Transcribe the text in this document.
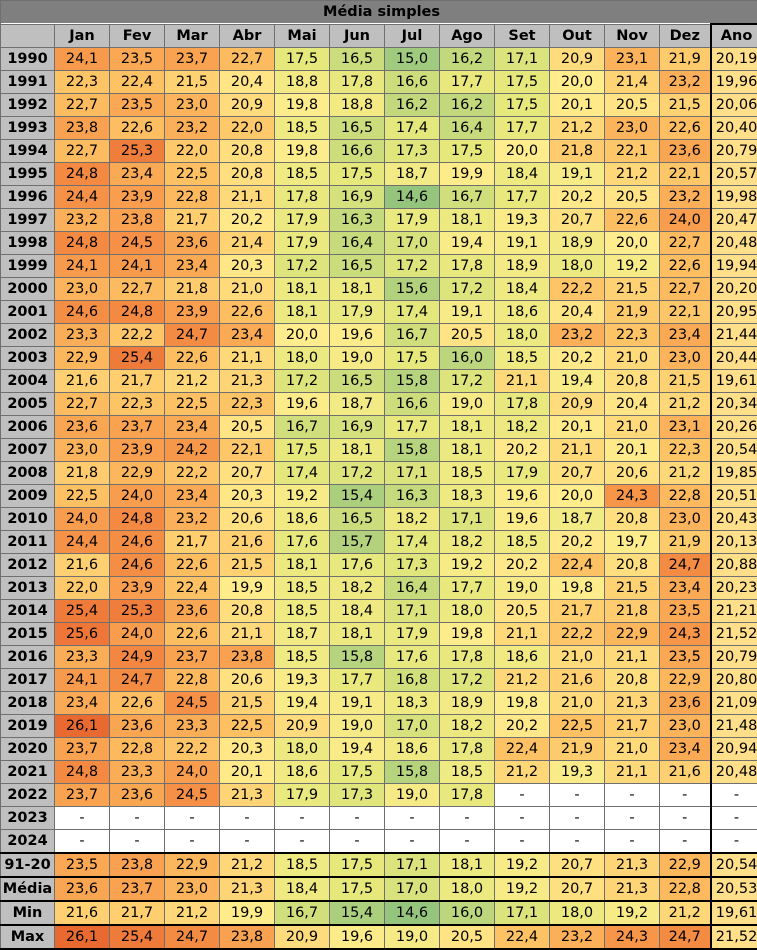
Média simples													
	Jan	Fev	Mar	Abr	Mai	Jun	Jul	Ago	Set	Out	Nov	Dez	Ano
1990	24,1	23,5	23,7	22,7	17,5	16,5	15,0	16,2	17,1	20,9	23,1	21,9	20,19
1991	22,3	22,4	21,5	20,4	18,8	17,8	16,6	17,7	17,5	20,0	21,4	23,2	19,96
1992	22,7	23,5	23,0	20,9	19,8	18,8	16,2	16,2	17,5	20,1	20,5	21,5	20,06
1993	23,8	22,6	23,2	22,0	18,5	16,5	17,4	16,4	17,7	21,2	23,0	22,6	20,40
1994	22,7	25,3	22,0	20,8	19,8	16,6	17,3	17,5	20,0	21,8	22,1	23,6	20,79
1995	24,8	23,4	22,5	20,8	18,5	17,5	18,7	19,9	18,4	19,1	21,2	22,1	20,57
1996	24,4	23,9	22,8	21,1	17,8	16,9	14,6	16,7	17,7	20,2	20,5	23,2	19,98
1997	23,2	23,8	21,7	20,2	17,9	16,3	17,9	18,1	19,3	20,7	22,6	24,0	20,47
1998	24,8	24,5	23,6	21,4	17,9	16,4	17,0	19,4	19,1	18,9	20,0	22,7	20,48
1999	24,1	24,1	23,4	20,3	17,2	16,5	17,2	17,8	18,9	18,0	19,2	22,6	19,94
2000	23,0	22,7	21,8	21,0	18,1	18,1	15,6	17,2	18,4	22,2	21,5	22,7	20,20
2001	24,6	24,8	23,9	22,6	18,1	17,9	17,4	19,1	18,6	20,4	21,9	22,1	20,95
2002	23,3	22,2	24,7	23,4	20,0	19,6	16,7	20,5	18,0	23,2	22,3	23,4	21,44
2003	22,9	25,4	22,6	21,1	18,0	19,0	17,5	16,0	18,5	20,2	21,0	23,0	20,44
2004	21,6	21,7	21,2	21,3	17,2	16,5	15,8	17,2	21,1	19,4	20,8	21,5	19,61
2005	22,7	22,3	22,5	22,3	19,6	18,7	16,6	19,0	17,8	20,9	20,4	21,2	20,34
2006	23,6	23,7	23,4	20,5	16,7	16,9	17,7	18,1	18,2	20,1	21,0	23,1	20,26
2007	23,0	23,9	24,2	22,1	17,5	18,1	15,8	18,1	20,2	21,1	20,1	22,3	20,54
2008	21,8	22,9	22,2	20,7	17,4	17,2	17,1	18,5	17,9	20,7	20,6	21,2	19,85
2009	22,5	24,0	23,4	20,3	19,2	15,4	16,3	18,3	19,6	20,0	24,3	22,8	20,51
2010	24,0	24,8	23,2	20,6	18,6	16,5	18,2	17,1	19,6	18,7	20,8	23,0	20,43
2011	24,4	24,6	21,7	21,6	17,6	15,7	17,4	18,2	18,5	20,2	19,7	21,9	20,13
2012	21,6	24,6	22,6	21,5	18,1	17,6	17,3	19,2	20,2	22,4	20,8	24,7	20,88
2013	22,0	23,9	22,4	19,9	18,5	18,2	16,4	17,7	19,0	19,8	21,5	23,4	20,23
2014	25,4	25,3	23,6	20,8	18,5	18,4	17,1	18,0	20,5	21,7	21,8	23,5	21,21
2015	25,6	24,0	22,6	21,1	18,7	18,1	17,9	19,8	21,1	22,2	22,9	24,3	21,52
2016	23,3	24,9	23,7	23,8	18,5	15,8	17,6	17,8	18,6	21,0	21,1	23,5	20,79
2017	24,1	24,7	22,8	20,6	19,3	17,7	16,8	17,2	21,2	21,6	20,8	22,9	20,80
2018	23,4	22,6	24,5	21,5	19,4	19,1	18,3	18,9	19,8	21,0	21,3	23,6	21,09
2019	26,1	23,6	23,3	22,5	20,9	19,0	17,0	18,2	20,2	22,5	21,7	23,0	21,48
2020	23,7	22,8	22,2	20,3	18,0	19,4	18,6	17,8	22,4	21,9	21,0	23,4	20,94
2021	24,8	23,3	24,0	20,1	18,6	17,5	15,8	18,5	21,2	19,3	21,1	21,6	20,48
2022	23,7	23,6	24,5	21,3	17,9	17,3	19,0	17,8	-	-	-	-	-
2023	-	-	-	-	-	-	-	-	-	-	-	-	-
2024	-	-	-	-	-	-	-	-	-	-	-	-	-
91-20	23,5	23,8	22,9	21,2	18,5	17,5	17,1	18,1	19,2	20,7	21,3	22,9	20,54
Média	23,6	23,7	23,0	21,3	18,4	17,5	17,0	18,0	19,2	20,7	21,3	22,8	20,53
Min	21,6	21,7	21,2	19,9	16,7	15,4	14,6	16,0	17,1	18,0	19,2	21,2	19,61
Max	26,1	25,4	24,7	23,8	20,9	19,6	19,0	20,5	22,4	23,2	24,3	24,7	21,52
